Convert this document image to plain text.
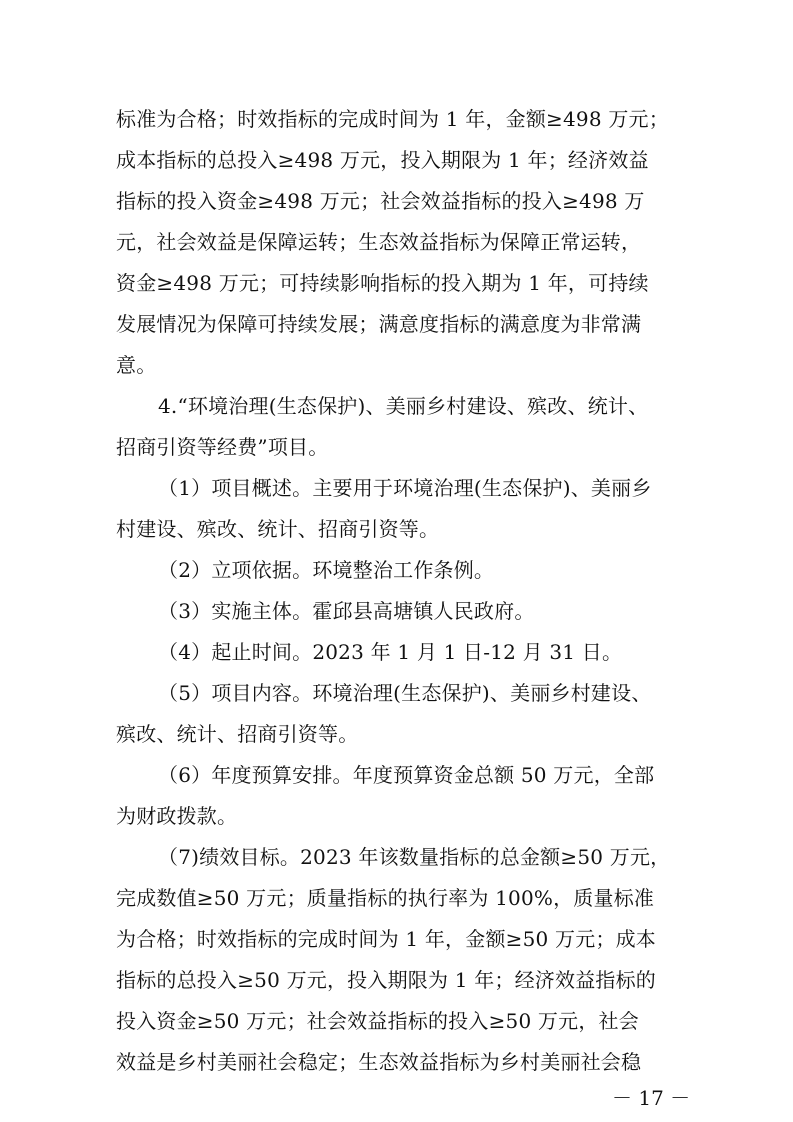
标准为合格；时效指标的完成时间为 1 年，金额≥498 万元；
成本指标的总投入≥498 万元，投入期限为 1 年；经济效益
指标的投入资金≥498 万元；社会效益指标的投入≥498 万
元，社会效益是保障运转；生态效益指标为保障正常运转，
资金≥498 万元；可持续影响指标的投入期为 1 年，可持续
发展情况为保障可持续发展；满意度指标的满意度为非常满
意。
4.“环境治理(生态保护)、美丽乡村建设、殡改、统计、
招商引资等经费”项目。
（1）项目概述。主要用于环境治理(生态保护)、美丽乡
村建设、殡改、统计、招商引资等。
（2）立项依据。环境整治工作条例。
（3）实施主体。霍邱县高塘镇人民政府。
（4）起止时间。2023 年 1 月 1 日-12 月 31 日。
（5）项目内容。环境治理(生态保护)、美丽乡村建设、
殡改、统计、招商引资等。
（6）年度预算安排。年度预算资金总额 50 万元，全部
为财政拨款。
（7)绩效目标。2023 年该数量指标的总金额≥50 万元，
完成数值≥50 万元；质量指标的执行率为 100%，质量标准
为合格；时效指标的完成时间为 1 年，金额≥50 万元；成本
指标的总投入≥50 万元，投入期限为 1 年；经济效益指标的
投入资金≥50 万元；社会效益指标的投入≥50 万元，社会
效益是乡村美丽社会稳定；生态效益指标为乡村美丽社会稳
－ 17 －
